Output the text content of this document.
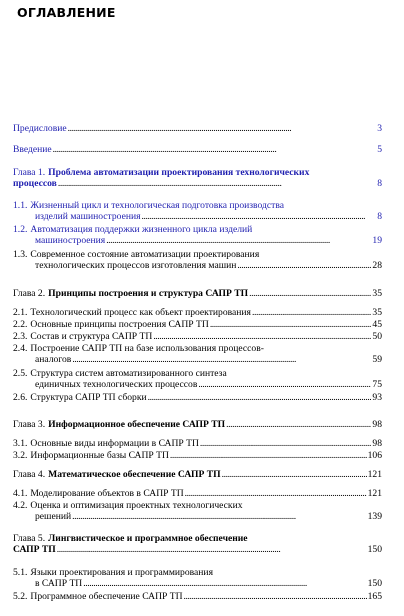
ОГЛАВЛЕНИЕ
Предисловие . . .	3
Введение . . .	5
Глава 1. Проблема автоматизации проектирования технологических
процессов . . .	8
1.1. Жизненный цикл и технологическая подготовка производства
изделий машиностроения . . .	8
1.2. Автоматизация поддержки жизненного цикла изделий
машиностроения . . .	19
1.3. Современное состояние автоматизации проектирования
технологических процессов изготовления машин . . .	28
Глава 2. Принципы построения и структура САПР ТП . . .	35
2.1. Технологический процесс как объект проектирования . . .	35
2.2. Основные принципы построения САПР ТП . . .	45
2.3. Состав и структура САПР ТП . . .	50
2.4. Построение САПР ТП на базе использования процессов-
аналогов . . .	59
2.5. Структура систем автоматизированного синтеза
единичных технологических процессов . . .	75
2.6. Структура САПР ТП сборки . . .	93
Глава 3. Информационное обеспечение САПР ТП . . .	98
3.1. Основные виды информации в САПР ТП . . .	98
3.2. Информационные базы САПР ТП . . .	106
Глава 4. Математическое обеспечение САПР ТП . . .	121
4.1. Моделирование объектов в САПР ТП . . .	121
4.2. Оценка и оптимизация проектных технологических
решений . . .	139
Глава 5. Лингвистическое и программное обеспечение
САПР ТП . . .	150
5.1. Языки проектирования и программирования
в САПР ТП . . .	150
5.2. Программное обеспечение САПР ТП . . .	165
